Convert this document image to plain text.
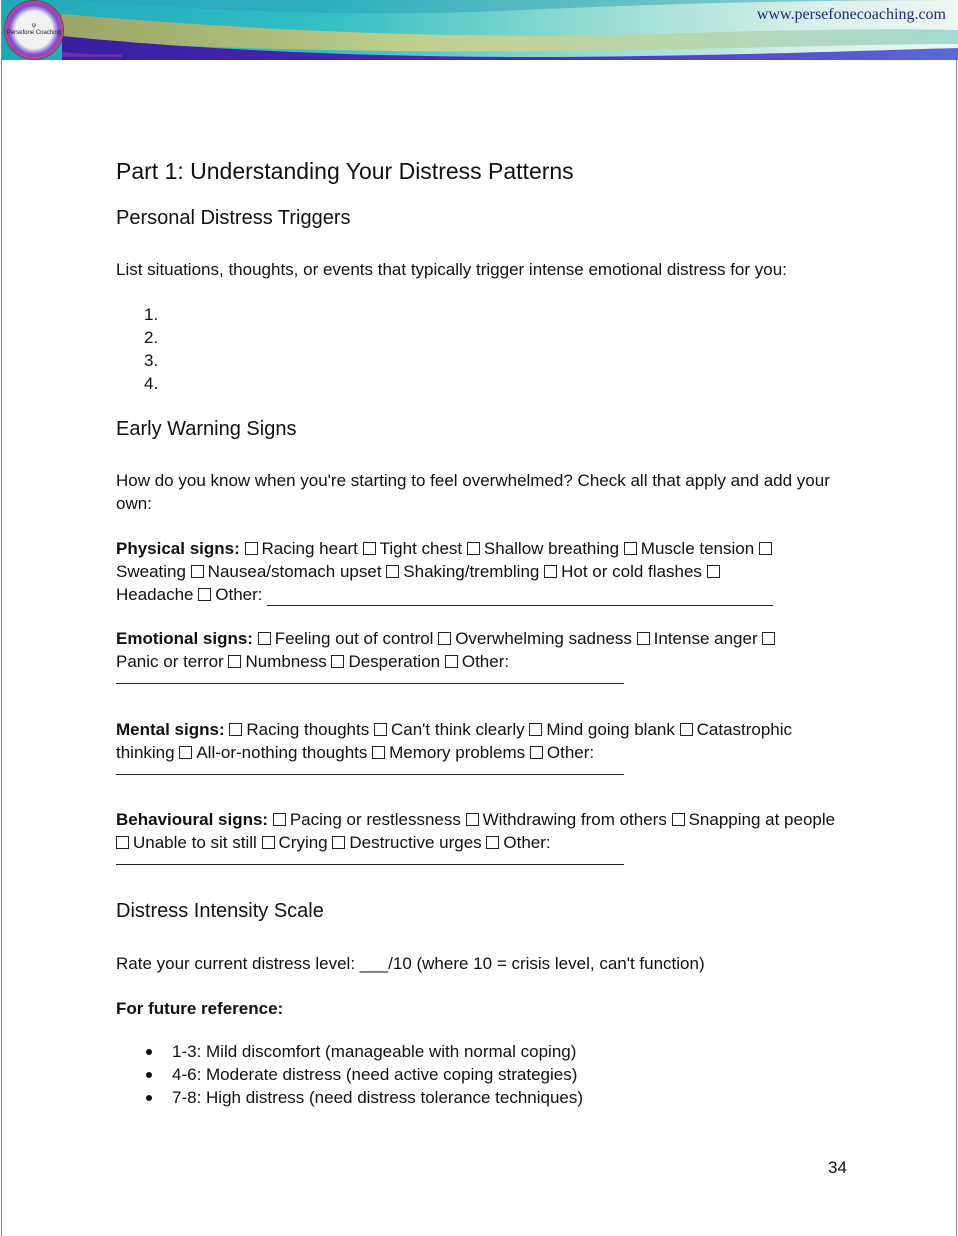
ψ
Persefone Coaching
www.persefonecoaching.com
Part 1: Understanding Your Distress Patterns
Personal Distress Triggers
List situations, thoughts, or events that typically trigger intense emotional distress for you:
1.
2.
3.
4.
Early Warning Signs
How do you know when you're starting to feel overwhelmed? Check all that apply and add your own:
Physical signs: Racing heart Tight chest Shallow breathing Muscle tension
Sweating Nausea/stomach upset Shaking/trembling Hot or cold flashes
Headache Other:
Emotional signs: Feeling out of control Overwhelming sadness Intense anger
Panic or terror Numbness Desperation Other:
Mental signs: Racing thoughts Can't think clearly Mind going blank Catastrophic thinking All-or-nothing thoughts Memory problems Other:
Behavioural signs: Pacing or restlessness Withdrawing from others Snapping at people Unable to sit still Crying Destructive urges Other:
Distress Intensity Scale
Rate your current distress level: ___/10 (where 10 = crisis level, can't function)
For future reference:
1-3: Mild discomfort (manageable with normal coping)
4-6: Moderate distress (need active coping strategies)
7-8: High distress (need distress tolerance techniques)
34
